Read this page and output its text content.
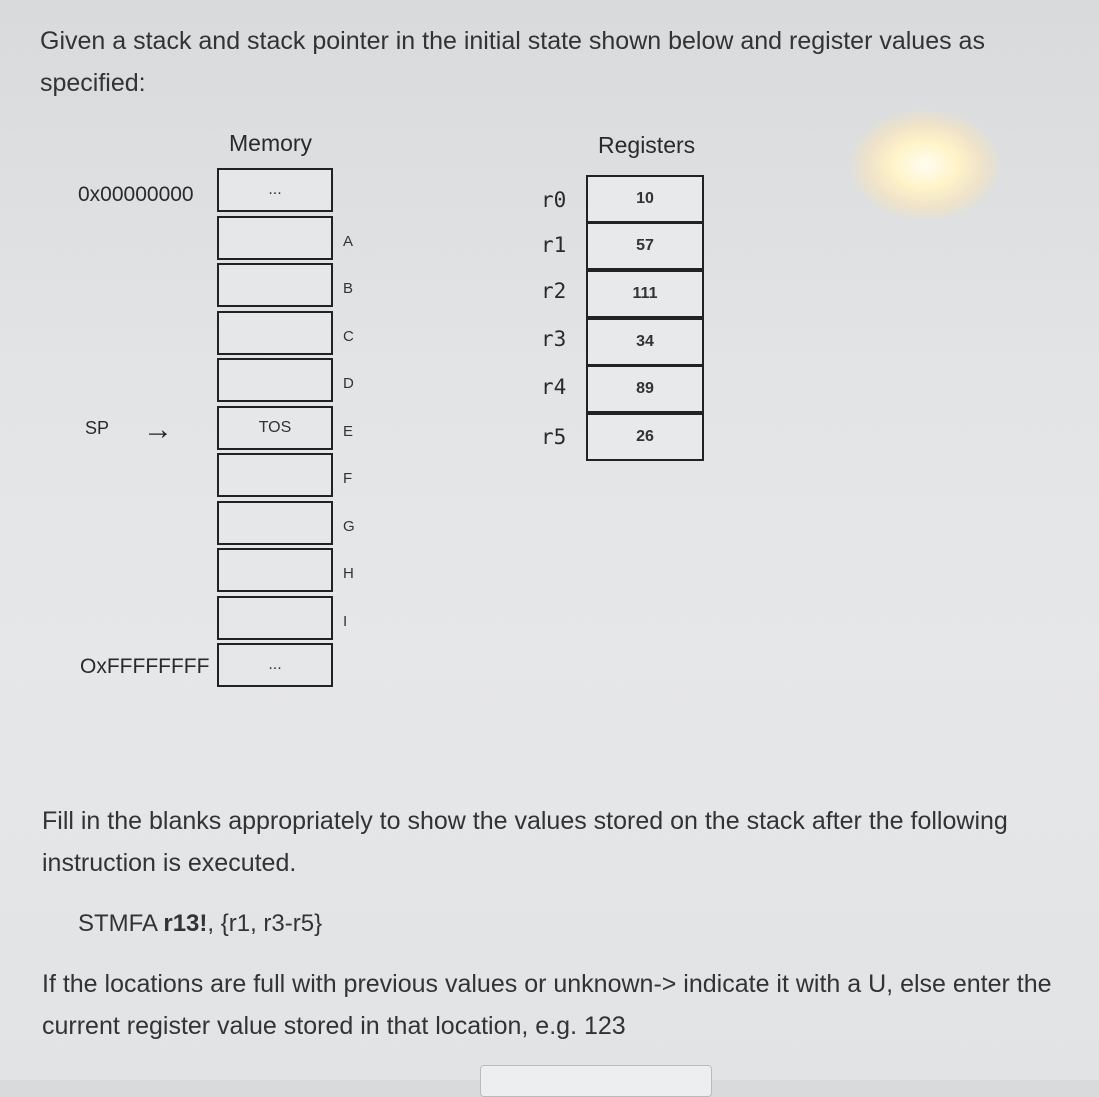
Given a stack and stack pointer in the initial state shown below and register values as specified:
Memory	Registers
0x00000000
OxFFFFFFFF
SP →
...
TOS
...
A
B
C
D
E
F
G
H
I
r0
r1
r2
r3
r4
r5
10
57
111
34
89
26
Fill in the blanks appropriately to show the values stored on the stack after the following instruction is executed.
STMFA r13!, {r1, r3-r5}
If the locations are full with previous values or unknown-> indicate it with a U, else enter the current register value stored in that location, e.g. 123
